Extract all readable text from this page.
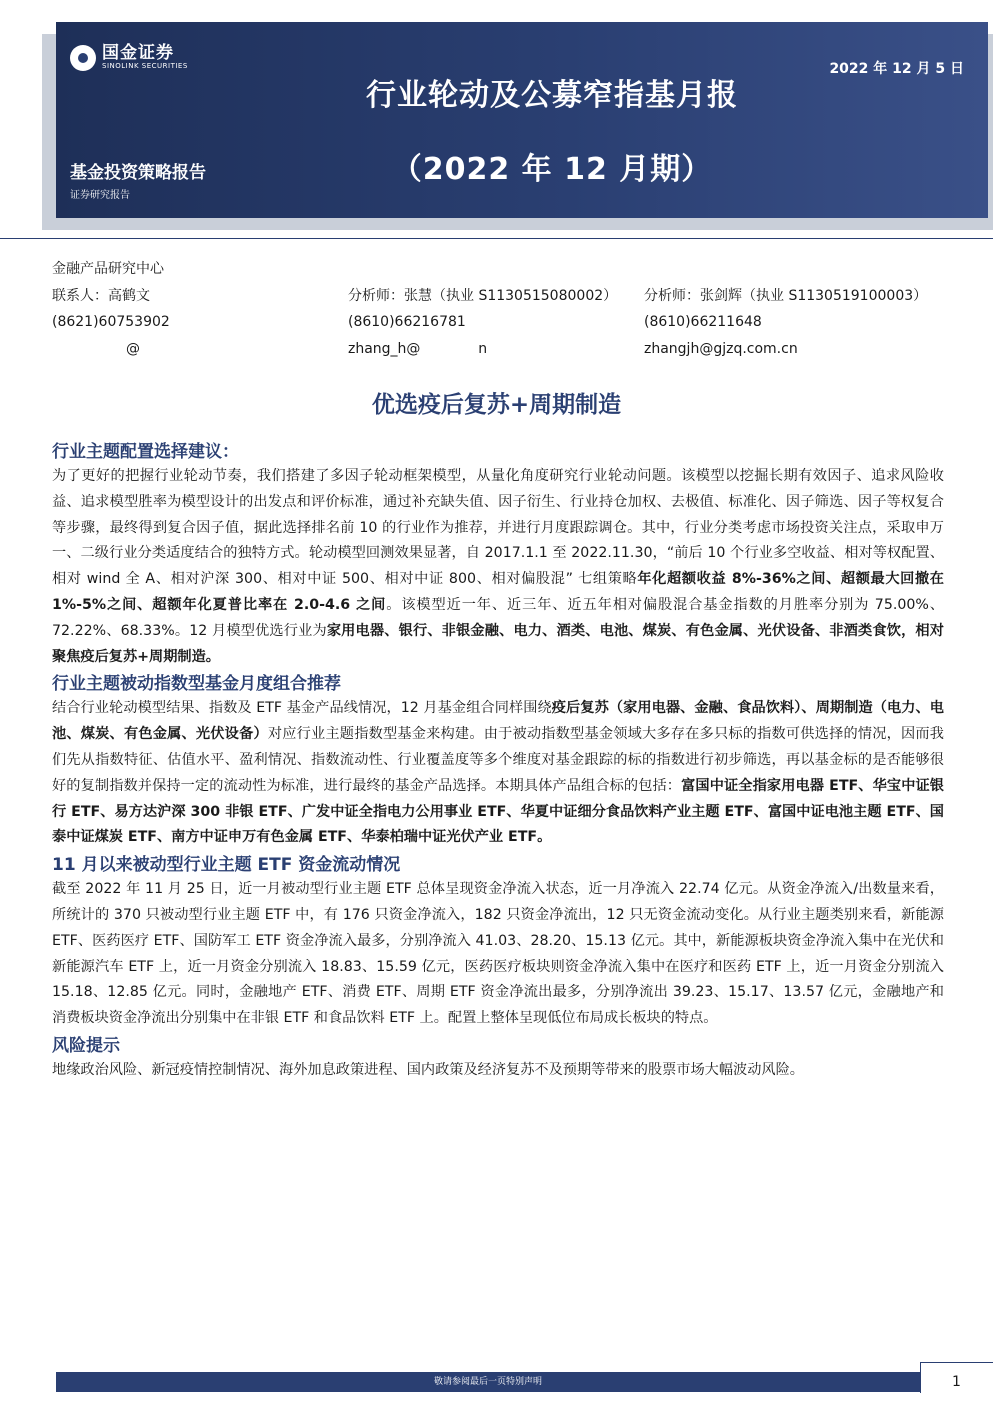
国金证券
SINOLINK SECURITIES	2022 年 12 月 5 日
行业轮动及公募窄指基月报
（2022 年 12 月期）
基金投资策略报告
证券研究报告
金融产品研究中心
联系人：高鹤文
(8621)60753902
@
分析师：张慧（执业 S1130515080002）
(8610)66216781
zhang_h@             n
分析师：张剑辉（执业 S1130519100003）
(8610)66211648
zhangjh@gjzq.com.cn
优选疫后复苏+周期制造
行业主题配置选择建议：

为了更好的把握行业轮动节奏，我们搭建了多因子轮动框架模型，从量化角度研究行业轮动问题。该模型以挖掘长期有效因子、追求风险收益、追求模型胜率为模型设计的出发点和评价标准，通过补充缺失值、因子衍生、行业持仓加权、去极值、标准化、因子筛选、因子等权复合等步骤，最终得到复合因子值，据此选择排名前 10 的行业作为推荐，并进行月度跟踪调仓。其中，行业分类考虑市场投资关注点，采取申万一、二级行业分类适度结合的独特方式。轮动模型回测效果显著，自 2017.1.1 至 2022.11.30，“前后 10 个行业多空收益、相对等权配置、相对 wind 全 A、相对沪深 300、相对中证 500、相对中证 800、相对偏股混” 七组策略年化超额收益 8%-36%之间、超额最大回撤在 1%-5%之间、超额年化夏普比率在 2.0-4.6 之间。该模型近一年、近三年、近五年相对偏股混合基金指数的月胜率分别为 75.00%、72.22%、68.33%。12 月模型优选行业为家用电器、银行、非银金融、电力、酒类、电池、煤炭、有色金属、光伏设备、非酒类食饮，相对聚焦疫后复苏+周期制造。

行业主题被动指数型基金月度组合推荐

结合行业轮动模型结果、指数及 ETF 基金产品线情况，12 月基金组合同样围绕疫后复苏（家用电器、金融、食品饮料）、周期制造（电力、电池、煤炭、有色金属、光伏设备）对应行业主题指数型基金来构建。由于被动指数型基金领域大多存在多只标的指数可供选择的情况，因而我们先从指数特征、估值水平、盈利情况、指数流动性、行业覆盖度等多个维度对基金跟踪的标的指数进行初步筛选，再以基金标的是否能够很好的复制指数并保持一定的流动性为标准，进行最终的基金产品选择。本期具体产品组合标的包括：富国中证全指家用电器 ETF、华宝中证银行 ETF、易方达沪深 300 非银 ETF、广发中证全指电力公用事业 ETF、华夏中证细分食品饮料产业主题 ETF、富国中证电池主题 ETF、国泰中证煤炭 ETF、南方中证申万有色金属 ETF、华泰柏瑞中证光伏产业 ETF。

11 月以来被动型行业主题 ETF 资金流动情况

截至 2022 年 11 月 25 日，近一月被动型行业主题 ETF 总体呈现资金净流入状态，近一月净流入 22.74 亿元。从资金净流入/出数量来看，所统计的 370 只被动型行业主题 ETF 中，有 176 只资金净流入，182 只资金净流出，12 只无资金流动变化。从行业主题类别来看，新能源 ETF、医药医疗 ETF、国防军工 ETF 资金净流入最多，分别净流入 41.03、28.20、15.13 亿元。其中，新能源板块资金净流入集中在光伏和新能源汽车 ETF 上，近一月资金分别流入 18.83、15.59 亿元，医药医疗板块则资金净流入集中在医疗和医药 ETF 上，近一月资金分别流入 15.18、12.85 亿元。同时，金融地产 ETF、消费 ETF、周期 ETF 资金净流出最多，分别净流出 39.23、15.17、13.57 亿元，金融地产和消费板块资金净流出分别集中在非银 ETF 和食品饮料 ETF 上。配置上整体呈现低位布局成长板块的特点。

风险提示

地缘政治风险、新冠疫情控制情况、海外加息政策进程、国内政策及经济复苏不及预期等带来的股票市场大幅波动风险。

敬请参阅最后一页特别声明	1
